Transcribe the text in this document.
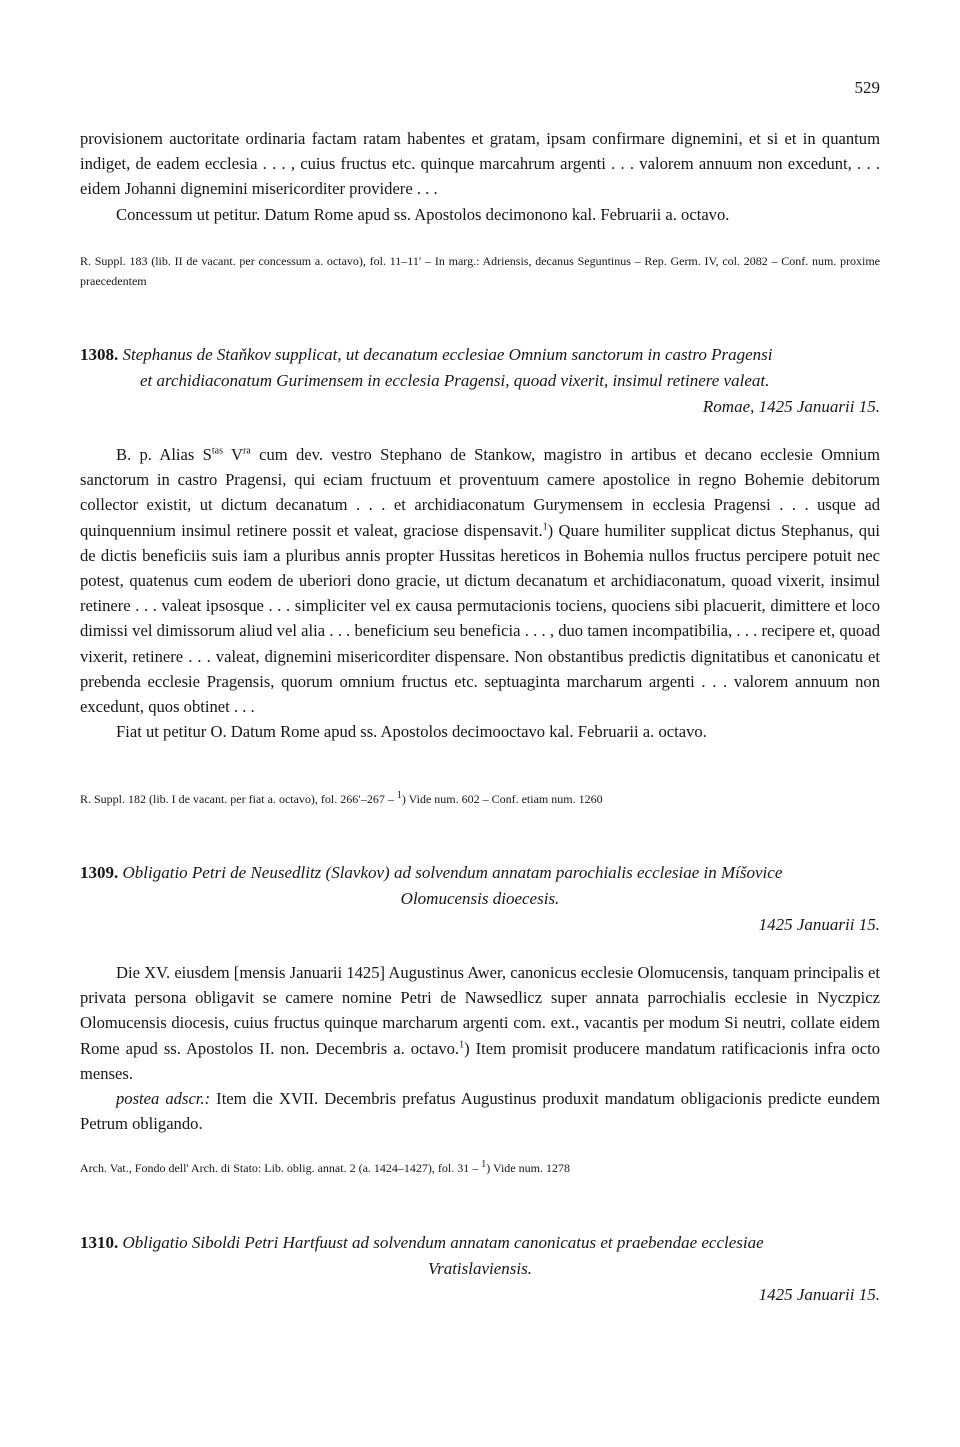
529

provisionem auctoritate ordinaria factam ratam habentes et gratam, ipsam confirmare dignemini, et si et in quantum indiget, de eadem ecclesia . . . , cuius fructus etc. quinque marcahrum argenti . . . valorem annuum non excedunt, . . . eidem Johanni dignemini misericorditer providere . . .

Concessum ut petitur. Datum Rome apud ss. Apostolos decimonono kal. Februarii a. octavo.

R. Suppl. 183 (lib. II de vacant. per concessum a. octavo), fol. 11–11′ – In marg.: Adriensis, decanus Seguntinus – Rep. Germ. IV, col. 2082 – Conf. num. proxime praecedentem

1308. Stephanus de Staňkov supplicat, ut decanatum ecclesiae Omnium sanctorum in castro Pragensi
et archidiaconatum Gurimensem in ecclesia Pragensi, quoad vixerit, insimul retinere valeat.

Romae, 1425 Januarii 15.

B. p. Alias $S^{tas}$ $V^{ra}$ cum dev. vestro Stephano de Stankow, magistro in artibus et decano ecclesie Omnium sanctorum in castro Pragensi, qui eciam fructuum et proventuum camere apostolice in regno Bohemie debitorum collector existit, ut dictum decanatum . . . et archidiaconatum Gurymensem in ecclesia Pragensi . . . usque ad quinquennium insimul retinere possit et valeat, graciose dispensavit.$^1$) Quare humiliter supplicat dictus Stephanus, qui de dictis beneficiis suis iam a pluribus annis propter Hussitas hereticos in Bohemia nullos fructus percipere potuit nec potest, quatenus cum eodem de uberiori dono gracie, ut dictum decanatum et archidiaconatum, quoad vixerit, insimul retinere . . . valeat ipsosque . . . simpliciter vel ex causa permutacionis tociens, quociens sibi placuerit, dimittere et loco dimissi vel dimissorum aliud vel alia . . . beneficium seu beneficia . . . , duo tamen incompatibilia, . . . recipere et, quoad vixerit, retinere . . . valeat, dignemini misericorditer dispensare. Non obstantibus predictis dignitatibus et canonicatu et prebenda ecclesie Pragensis, quorum omnium fructus etc. septuaginta marcharum argenti . . . valorem annuum non excedunt, quos obtinet . . .

Fiat ut petitur O. Datum Rome apud ss. Apostolos decimooctavo kal. Februarii a. octavo.

R. Suppl. 182 (lib. I de vacant. per fiat a. octavo), fol. 266′–267 – $^1$) Vide num. 602 – Conf. etiam num. 1260

1309. Obligatio Petri de Neusedlitz (Slavkov) ad solvendum annatam parochialis ecclesiae in Míšovice

Olomucensis dioecesis.

1425 Januarii 15.

Die XV. eiusdem [mensis Januarii 1425] Augustinus Awer, canonicus ecclesie Olomucensis, tanquam principalis et privata persona obligavit se camere nomine Petri de Nawsedlicz super annata parrochialis ecclesie in Nyczpicz Olomucensis diocesis, cuius fructus quinque marcharum argenti com. ext., vacantis per modum Si neutri, collate eidem Rome apud ss. Apostolos II. non. Decembris a. octavo.$^1$) Item promisit producere mandatum ratificacionis infra octo menses.

postea adscr.: Item die XVII. Decembris prefatus Augustinus produxit mandatum obligacionis predicte eundem Petrum obligando.

Arch. Vat., Fondo dell' Arch. di Stato: Lib. oblig. annat. 2 (a. 1424–1427), fol. 31 – $^1$) Vide num. 1278

1310. Obligatio Siboldi Petri Hartfuust ad solvendum annatam canonicatus et praebendae ecclesiae

Vratislaviensis.

1425 Januarii 15.
